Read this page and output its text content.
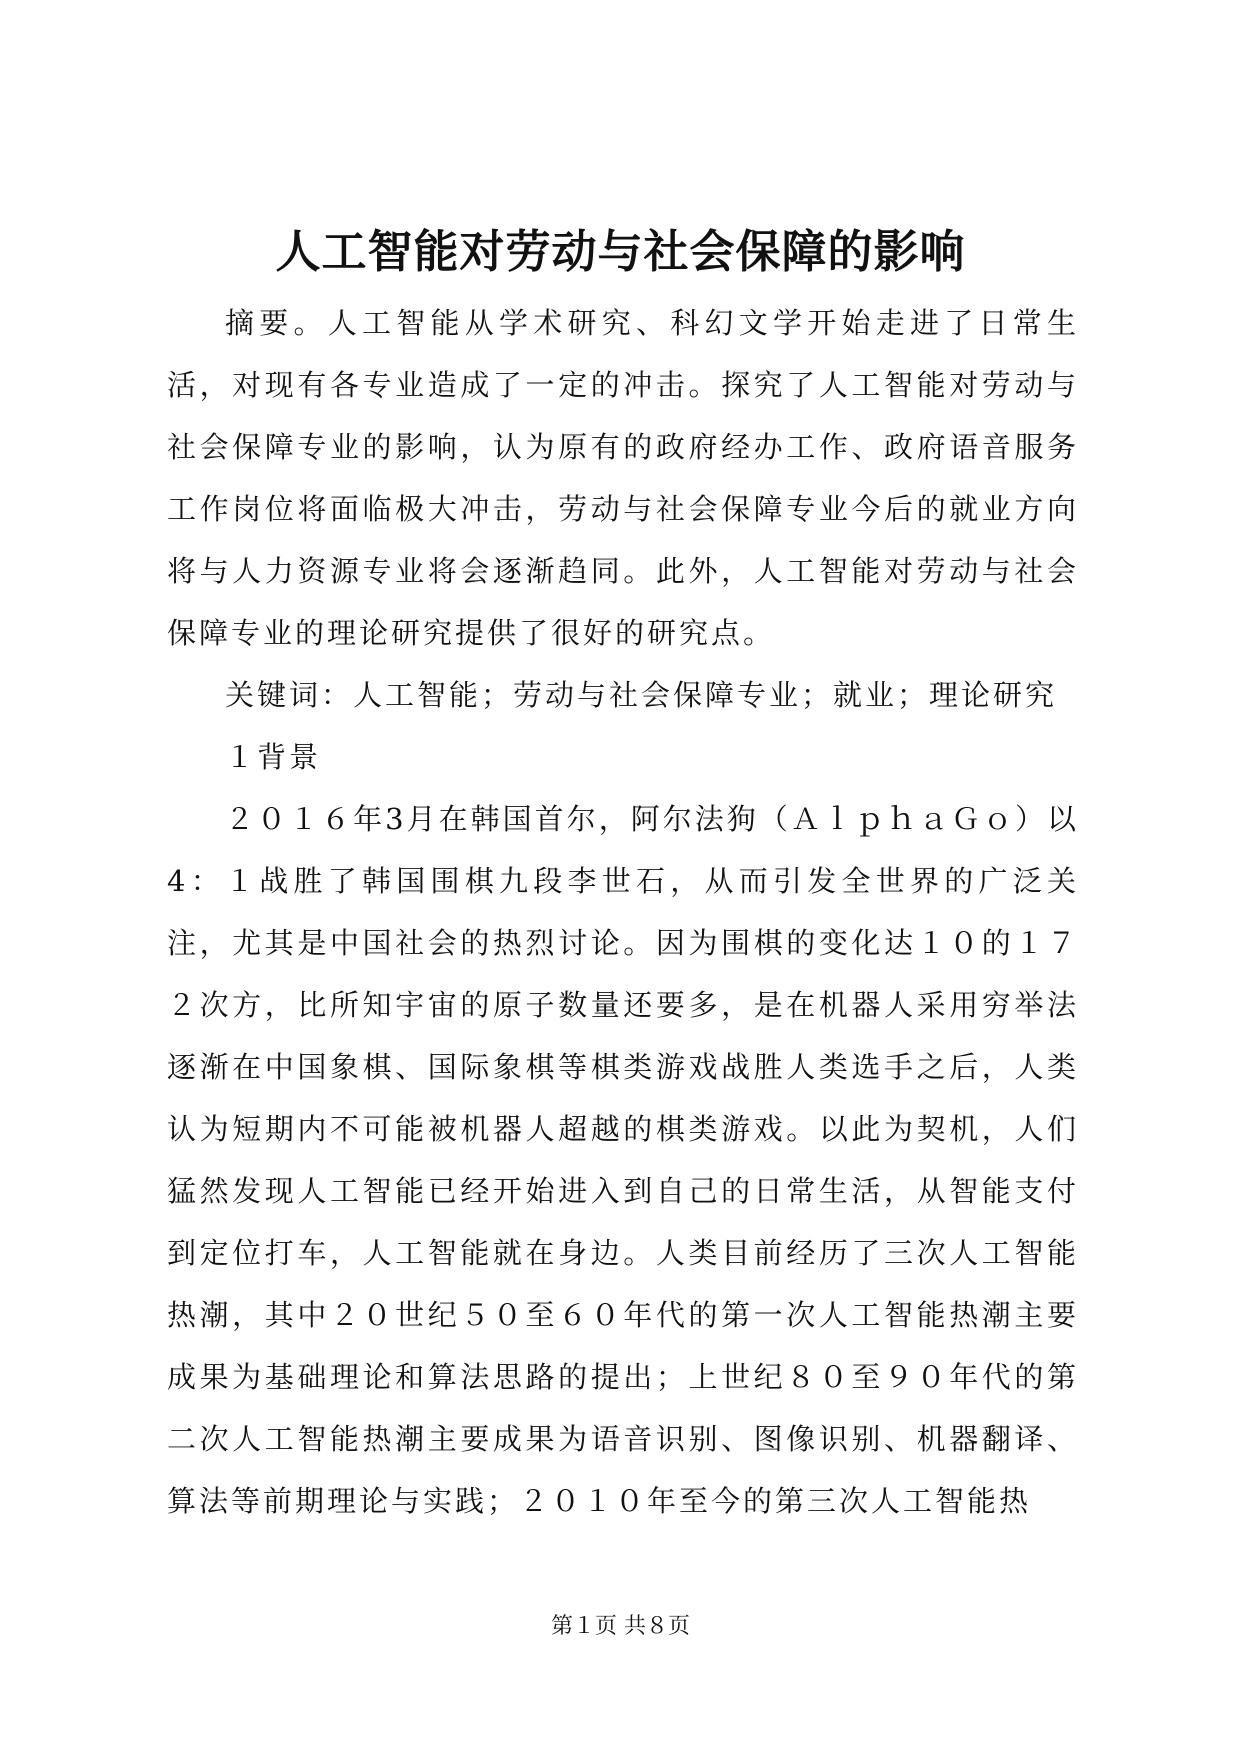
人工智能对劳动与社会保障的影响

摘要。人工智能从学术研究、科幻文学开始走进了日常生活，对现有各专业造成了一定的冲击。探究了人工智能对劳动与社会保障专业的影响，认为原有的政府经办工作、政府语音服务工作岗位将面临极大冲击，劳动与社会保障专业今后的就业方向将与人力资源专业将会逐渐趋同。此外，人工智能对劳动与社会保障专业的理论研究提供了很好的研究点。

关键词：人工智能；劳动与社会保障专业；就业；理论研究

１背景

２０１６年3月在韩国首尔，阿尔法狗（ＡｌｐｈａＧｏ）以4：１战胜了韩国围棋九段李世石，从而引发全世界的广泛关注，尤其是中国社会的热烈讨论。因为围棋的变化达１０的１７２次方，比所知宇宙的原子数量还要多，是在机器人采用穷举法逐渐在中国象棋、国际象棋等棋类游戏战胜人类选手之后，人类认为短期内不可能被机器人超越的棋类游戏。以此为契机，人们猛然发现人工智能已经开始进入到自己的日常生活，从智能支付到定位打车，人工智能就在身边。人类目前经历了三次人工智能热潮，其中２０世纪５０至６０年代的第一次人工智能热潮主要成果为基础理论和算法思路的提出；上世纪８０至９０年代的第二次人工智能热潮主要成果为语音识别、图像识别、机器翻译、算法等前期理论与实践；２０１０年至今的第三次人工智能热

第１页 共８页
